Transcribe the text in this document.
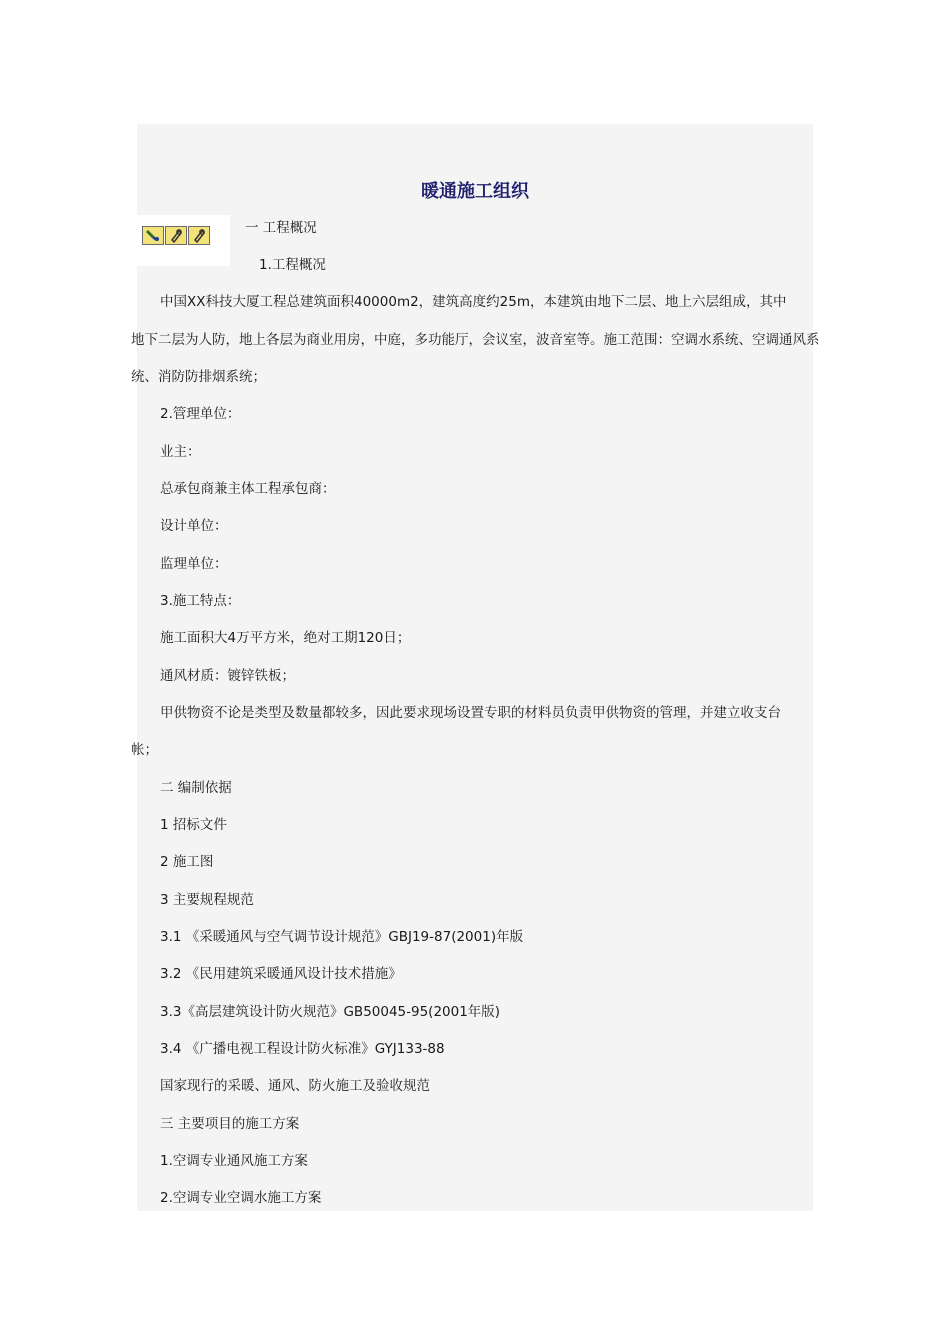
暖通施工组织
一 工程概况
1.工程概况
中国XX科技大厦工程总建筑面积40000m2，建筑高度约25m，本建筑由地下二层、地上六层组成，其中
地下二层为人防，地上各层为商业用房，中庭，多功能厅，会议室，波音室等。施工范围：空调水系统、空调通风系
统、消防防排烟系统；
2.管理单位：
业主：
总承包商兼主体工程承包商：
设计单位：
监理单位：
3.施工特点：
施工面积大4万平方米，绝对工期120日；
通风材质：镀锌铁板；
甲供物资不论是类型及数量都较多，因此要求现场设置专职的材料员负责甲供物资的管理，并建立收支台
帐；
二 编制依据
1 招标文件
2 施工图
3 主要规程规范
3.1 《采暖通风与空气调节设计规范》GBJ19-87(2001)年版
3.2 《民用建筑采暖通风设计技术措施》
3.3《高层建筑设计防火规范》GB50045-95(2001年版)
3.4 《广播电视工程设计防火标准》GYJ133-88
国家现行的采暖、通风、防火施工及验收规范
三 主要项目的施工方案
1.空调专业通风施工方案
2.空调专业空调水施工方案
